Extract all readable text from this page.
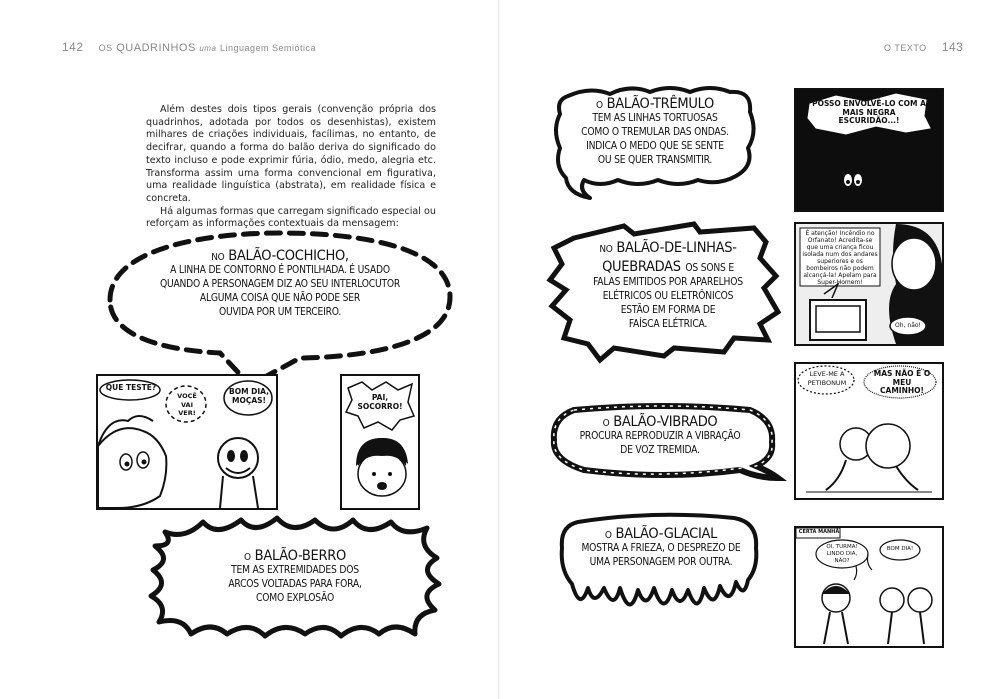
142 OS QUADRINHOS uma Linguagem Semiótica

Além destes dois tipos gerais (convenção própria dos quadrinhos, adotada por todos os desenhistas), existem milhares de criações individuais, facílimas, no entanto, de decifrar, quando a forma do balão deriva do significado do texto incluso e pode exprimir fúria, ódio, medo, alegria etc. Transforma assim uma forma convencional em figurativa, uma realidade linguística (abstrata), em realidade física e concreta.

Há algumas formas que carregam significado especial ou reforçam as informações contextuais da mensagem:

NO BALÃO-COCHICHO,
A LINHA DE CONTORNO É PONTILHADA. É USADO
QUANDO A PERSONAGEM DIZ AO SEU INTERLOCUTOR
ALGUMA COISA QUE NÃO PODE SER
OUVIDA POR UM TERCEIRO.
QUE TESTE?
VOCÊ VAI VER!
BOM DIA, MOÇAS!	PAI, SOCORRO!
O BALÃO-BERRO
TEM AS EXTREMIDADES DOS
ARCOS VOLTADAS PARA FORA,
COMO EXPLOSÃO
O TEXTO 143
O BALÃO-TRÊMULO
TEM AS LINHAS TORTUOSAS
COMO O TREMULAR DAS ONDAS.
INDICA O MEDO QUE SE SENTE
OU SE QUER TRANSMITIR.
POSSO ENVOLVÊ-LO COM A MAIS NEGRA ESCURIDÃO...!
NO BALÃO-DE-LINHAS-
QUEBRADAS OS SONS E
FALAS EMITIDOS POR APARELHOS
ELÉTRICOS OU ELETRÔNICOS
ESTÃO EM FORMA DE
FAÍSCA ELÉTRICA.
É atenção! Incêndio no Orfanato! Acredita-se que uma criança ficou isolada num dos andares superiores e os bombeiros não podem alcançá-la! Apelam para Super-Homem!
Oh, não!
O BALÃO-VIBRADO
PROCURA REPRODUZIR A VIBRAÇÃO
DE VOZ TREMIDA.
LEVE-ME A PETIBONUM
MAS NÃO É O MEU CAMINHO!
O BALÃO-GLACIAL
MOSTRA A FRIEZA, O DESPREZO DE
UMA PERSONAGEM POR OUTRA.
CERTA MANHÃ
OI, TURMA! LINDO DIA, NÃO?
BOM DIA!
